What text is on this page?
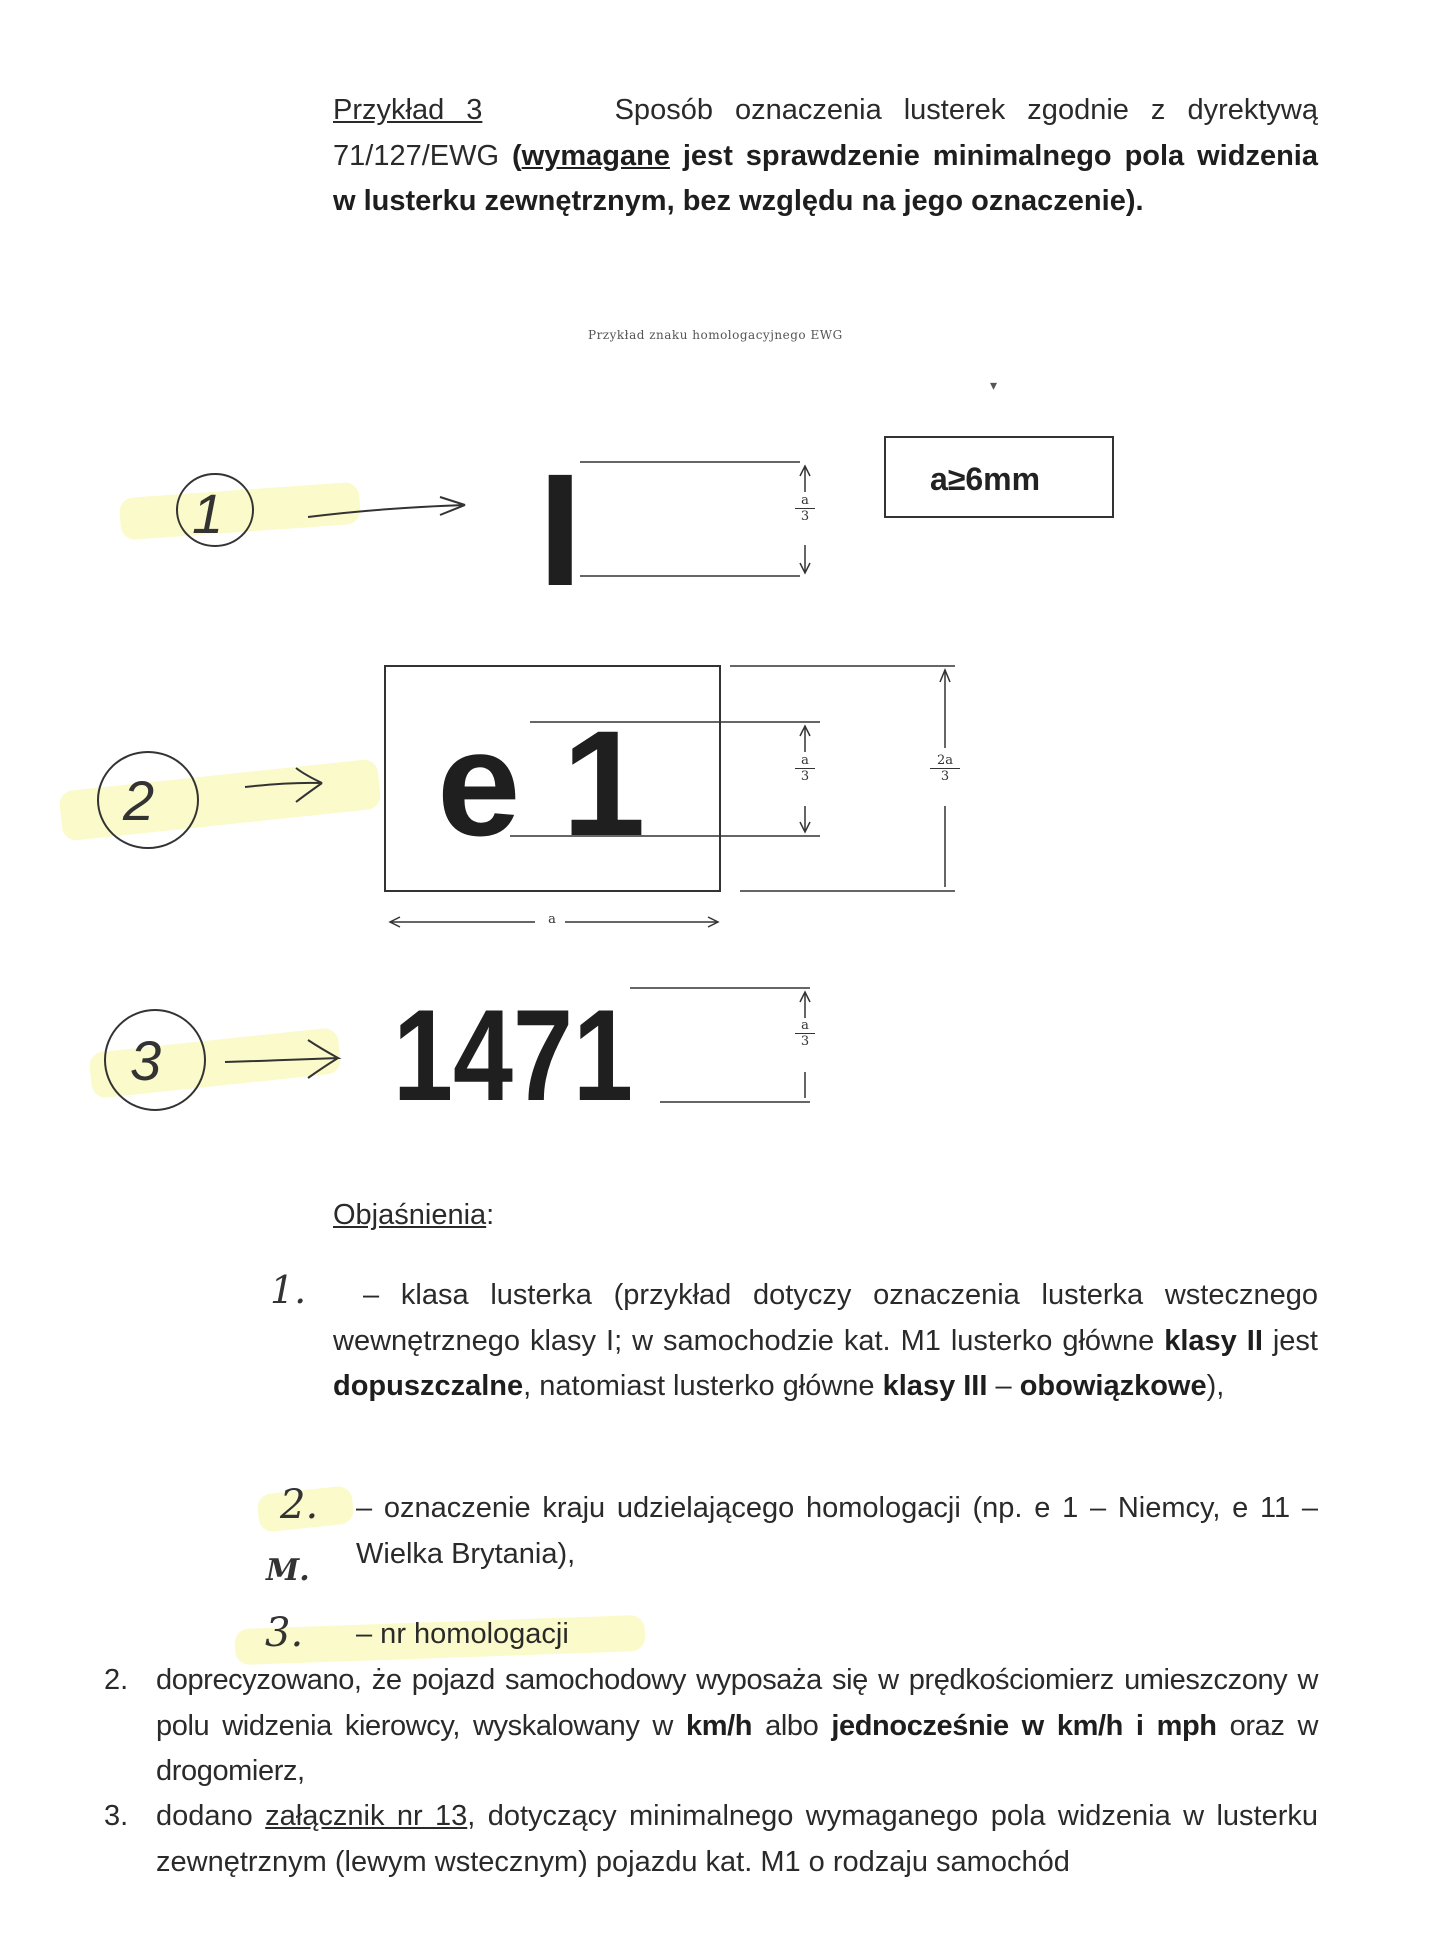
Przykład 3	Sposób oznaczenia lusterek zgodnie z dyrektywą 71/127/EWG (wymagane jest sprawdzenie minimalnego pola widzenia w lusterku zewnętrznym, bez względu na jego oznaczenie).
Przykład znaku homologacyjnego EWG
1
2
3
I	a≥6mm
▾
e 1
1471
$\frac{a}{3}$
$\frac{a}{3}$	$\frac{2a}{3}$
a
$\frac{a}{3}$
Objaśnienia:
1.	– klasa lusterka (przykład dotyczy oznaczenia lusterka wstecznego wewnętrznego klasy I; w samochodzie kat. M1 lusterko główne klasy II jest dopuszczalne, natomiast lusterko główne klasy III – obowiązkowe),
2.
M.
– oznaczenie kraju udzielającego homologacji (np. e 1 – Niemcy, e 11 – Wielka Brytania),
3. – nr homologacji
2. doprecyzowano, że pojazd samochodowy wyposaża się w prędkościomierz umieszczony w polu widzenia kierowcy, wyskalowany w km/h albo jednocześnie w km/h i mph oraz w drogomierz,
3. dodano załącznik nr 13, dotyczący minimalnego wymaganego pola widzenia w lusterku zewnętrznym (lewym wstecznym) pojazdu kat. M1 o rodzaju samochód
